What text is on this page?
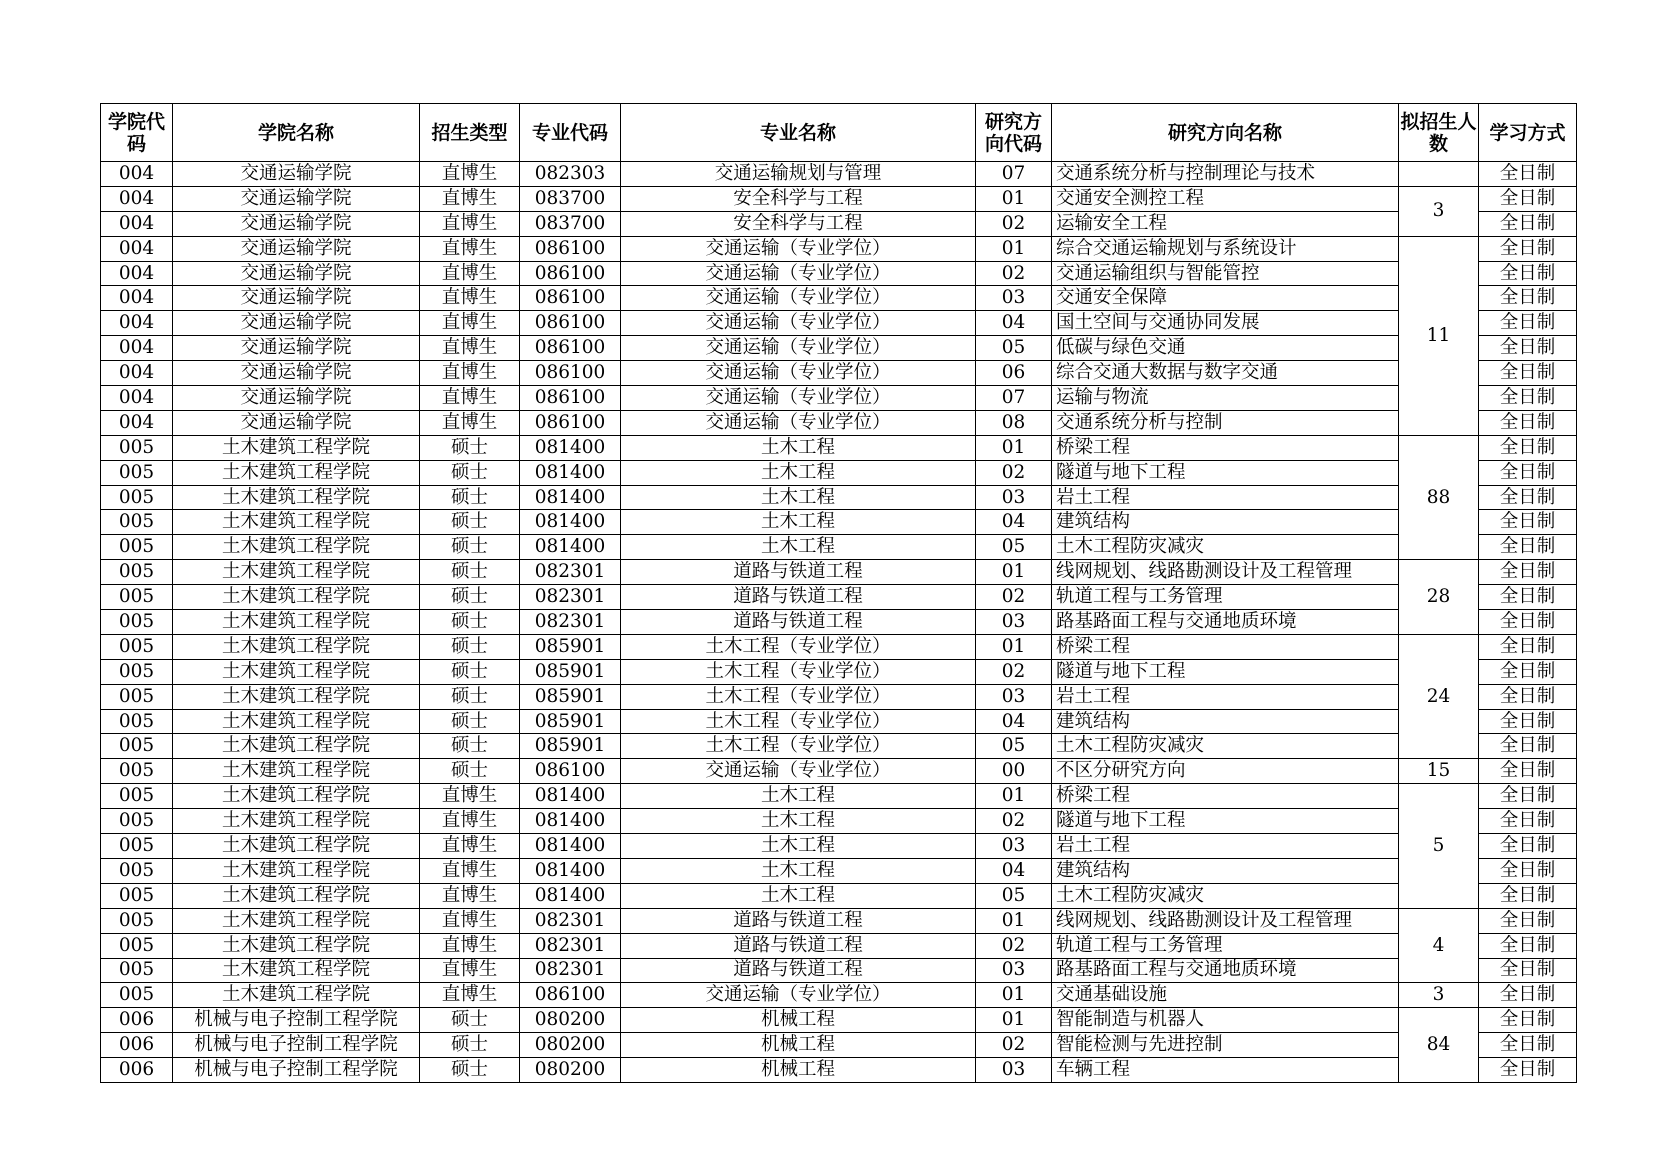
学院代码	学院名称	招生类型	专业代码	专业名称	研究方向代码	研究方向名称	拟招生人数	学习方式
004	交通运输学院	直博生	082303	交通运输规划与管理	07	交通系统分析与控制理论与技术		全日制
004	交通运输学院	直博生	083700	安全科学与工程	01	交通安全测控工程	3	全日制
004	交通运输学院	直博生	083700	安全科学与工程	02	运输安全工程		全日制
004	交通运输学院	直博生	086100	交通运输（专业学位）	01	综合交通运输规划与系统设计	11	全日制
004	交通运输学院	直博生	086100	交通运输（专业学位）	02	交通运输组织与智能管控		全日制
004	交通运输学院	直博生	086100	交通运输（专业学位）	03	交通安全保障		全日制
004	交通运输学院	直博生	086100	交通运输（专业学位）	04	国土空间与交通协同发展		全日制
004	交通运输学院	直博生	086100	交通运输（专业学位）	05	低碳与绿色交通		全日制
004	交通运输学院	直博生	086100	交通运输（专业学位）	06	综合交通大数据与数字交通		全日制
004	交通运输学院	直博生	086100	交通运输（专业学位）	07	运输与物流		全日制
004	交通运输学院	直博生	086100	交通运输（专业学位）	08	交通系统分析与控制		全日制
005	土木建筑工程学院	硕士	081400	土木工程	01	桥梁工程	88	全日制
005	土木建筑工程学院	硕士	081400	土木工程	02	隧道与地下工程		全日制
005	土木建筑工程学院	硕士	081400	土木工程	03	岩土工程		全日制
005	土木建筑工程学院	硕士	081400	土木工程	04	建筑结构		全日制
005	土木建筑工程学院	硕士	081400	土木工程	05	土木工程防灾减灾		全日制
005	土木建筑工程学院	硕士	082301	道路与铁道工程	01	线网规划、线路勘测设计及工程管理	28	全日制
005	土木建筑工程学院	硕士	082301	道路与铁道工程	02	轨道工程与工务管理		全日制
005	土木建筑工程学院	硕士	082301	道路与铁道工程	03	路基路面工程与交通地质环境		全日制
005	土木建筑工程学院	硕士	085901	土木工程（专业学位）	01	桥梁工程	24	全日制
005	土木建筑工程学院	硕士	085901	土木工程（专业学位）	02	隧道与地下工程		全日制
005	土木建筑工程学院	硕士	085901	土木工程（专业学位）	03	岩土工程		全日制
005	土木建筑工程学院	硕士	085901	土木工程（专业学位）	04	建筑结构		全日制
005	土木建筑工程学院	硕士	085901	土木工程（专业学位）	05	土木工程防灾减灾		全日制
005	土木建筑工程学院	硕士	086100	交通运输（专业学位）	00	不区分研究方向	15	全日制
005	土木建筑工程学院	直博生	081400	土木工程	01	桥梁工程	5	全日制
005	土木建筑工程学院	直博生	081400	土木工程	02	隧道与地下工程		全日制
005	土木建筑工程学院	直博生	081400	土木工程	03	岩土工程		全日制
005	土木建筑工程学院	直博生	081400	土木工程	04	建筑结构		全日制
005	土木建筑工程学院	直博生	081400	土木工程	05	土木工程防灾减灾		全日制
005	土木建筑工程学院	直博生	082301	道路与铁道工程	01	线网规划、线路勘测设计及工程管理	4	全日制
005	土木建筑工程学院	直博生	082301	道路与铁道工程	02	轨道工程与工务管理		全日制
005	土木建筑工程学院	直博生	082301	道路与铁道工程	03	路基路面工程与交通地质环境		全日制
005	土木建筑工程学院	直博生	086100	交通运输（专业学位）	01	交通基础设施	3	全日制
006	机械与电子控制工程学院	硕士	080200	机械工程	01	智能制造与机器人	84	全日制
006	机械与电子控制工程学院	硕士	080200	机械工程	02	智能检测与先进控制		全日制
006	机械与电子控制工程学院	硕士	080200	机械工程	03	车辆工程		全日制
